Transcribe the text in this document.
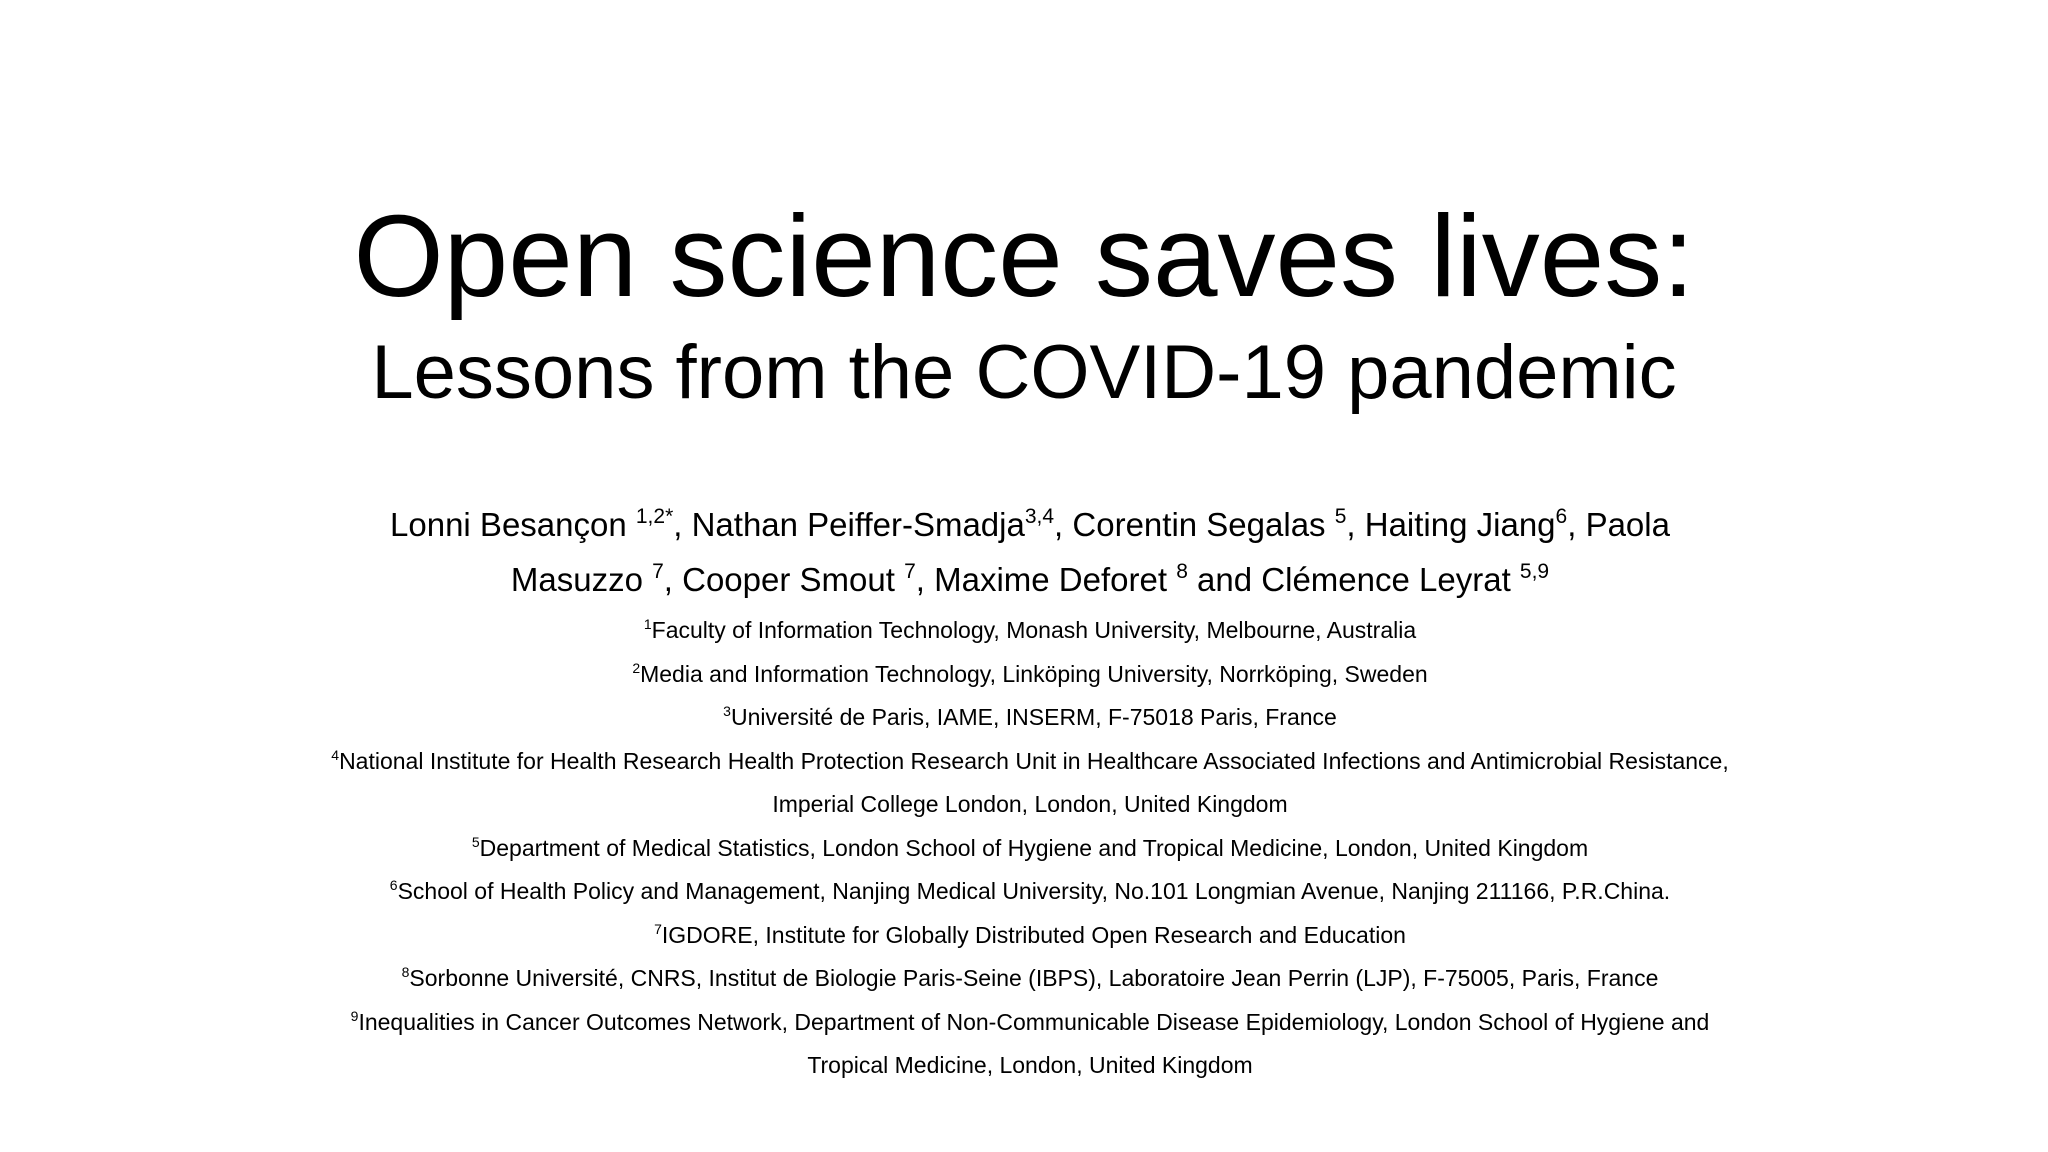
Open science saves lives:
Lessons from the COVID-19 pandemic
Lonni Besançon $^{1,2*}$, Nathan Peiffer-Smadja$^{3,4}$, Corentin Segalas $^5$, Haiting Jiang$^6$, Paola Masuzzo $^7$, Cooper Smout $^7$, Maxime Deforet $^8$ and Clémence Leyrat $^{5,9}$
$^1$Faculty of Information Technology, Monash University, Melbourne, Australia
$^2$Media and Information Technology, Linköping University, Norrköping, Sweden
$^3$Université de Paris, IAME, INSERM, F-75018 Paris, France
$^4$National Institute for Health Research Health Protection Research Unit in Healthcare Associated Infections and Antimicrobial Resistance, Imperial College London, London, United Kingdom
$^5$Department of Medical Statistics, London School of Hygiene and Tropical Medicine, London, United Kingdom
$^6$School of Health Policy and Management, Nanjing Medical University, No.101 Longmian Avenue, Nanjing 211166, P.R.China.
$^7$IGDORE, Institute for Globally Distributed Open Research and Education
$^8$Sorbonne Université, CNRS, Institut de Biologie Paris-Seine (IBPS), Laboratoire Jean Perrin (LJP), F-75005, Paris, France
$^9$Inequalities in Cancer Outcomes Network, Department of Non-Communicable Disease Epidemiology, London School of Hygiene and Tropical Medicine, London, United Kingdom
